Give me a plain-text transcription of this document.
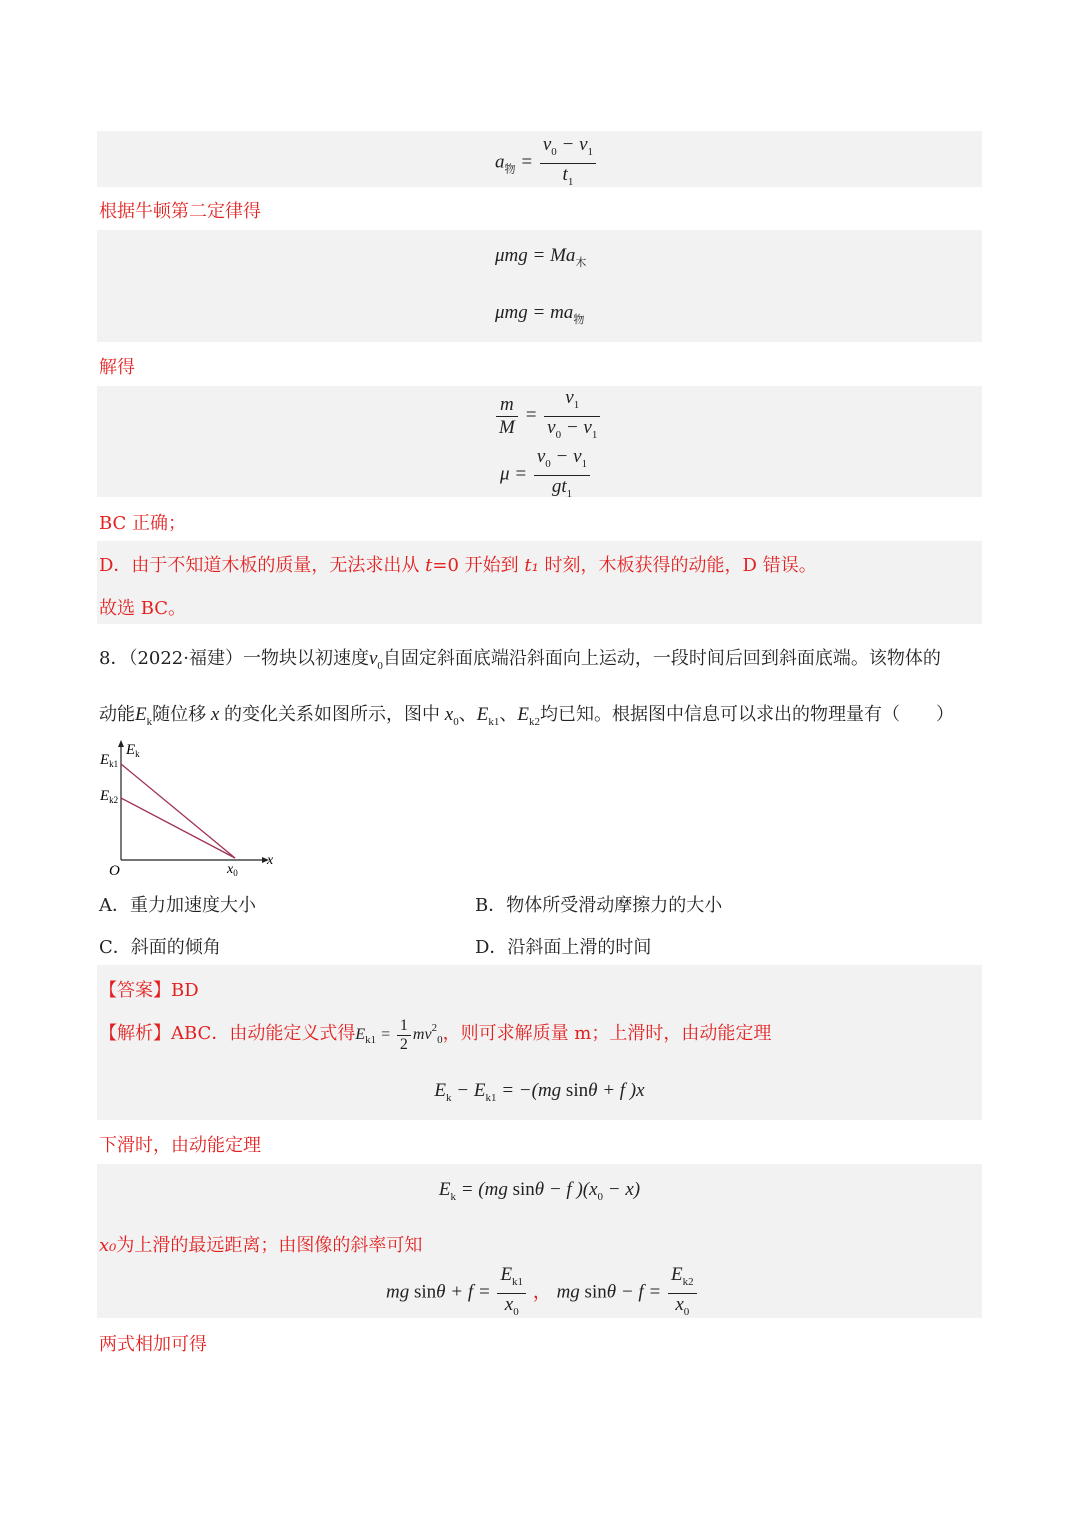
$a_物 = \frac{v_0 - v_1}{t_1}$
根据牛顿第二定律得
$\mu mg = Ma_木$
$\mu mg = ma_物$
解得
$\frac{m}{M} = \frac{v_1}{v_0 - v_1}$
$\mu = \frac{v_0 - v_1}{gt_1}$
BC 正确；
D．由于不知道木板的质量，无法求出从 t=0 开始到 t₁ 时刻，木板获得的动能，D 错误。
故选 BC。
8．（2022·福建）一物块以初速度$v_0$自固定斜面底端沿斜面向上运动，一段时间后回到斜面底端。该物体的
动能$E_k$随位移 x 的变化关系如图所示，图中 $x_0$、$E_{k1}$、$E_{k2}$均已知。根据图中信息可以求出的物理量有（　　）
$E_k$
$E_{k1}$
$E_{k2}$
O	$x_0$
x
A．重力加速度大小	B．物体所受滑动摩擦力的大小
C．斜面的倾角	D．沿斜面上滑的时间
【答案】BD
【解析】ABC．由动能定义式得$E_{k1} = \frac{1}{2} mv_{20}$，则可求解质量 m；上滑时，由动能定理
$E_k - E_{k1} = -(mg$ sinθ + f )x
下滑时，由动能定理
$E_k = (mg$ sinθ − f )$(x_0 - x)$
x₀为上滑的最远距离；由图像的斜率可知
mg $\sin\theta + f = \frac{E_{k1}}{x_0}$ ， mg $\sin\theta - f = \frac{E_{k2}}{x_0}$
两式相加可得
